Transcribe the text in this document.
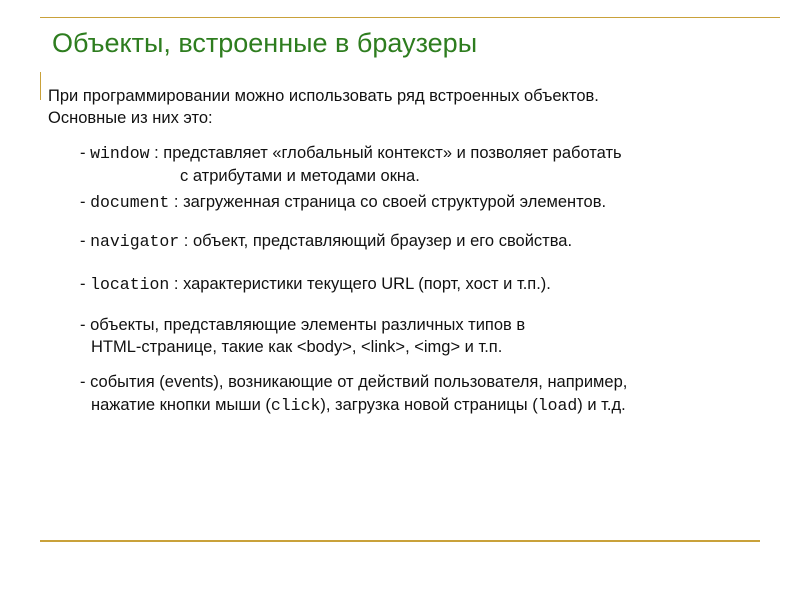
Объекты, встроенные в браузеры
При программировании можно использовать ряд встроенных объектов.
Основные из них это:
- window : представляет «глобальный контекст» и позволяет работать
с атрибутами и методами окна.
- document : загруженная страница со своей структурой элементов.
- navigator : объект, представляющий браузер и его свойства.
- location : характеристики текущего URL (порт, хост и т.п.).
- объекты, представляющие элементы различных типов в
HTML-странице, такие как <body>, <link>, <img> и т.п.
- события (events), возникающие от действий пользователя, например,
нажатие кнопки мыши (click), загрузка новой страницы (load) и т.д.
